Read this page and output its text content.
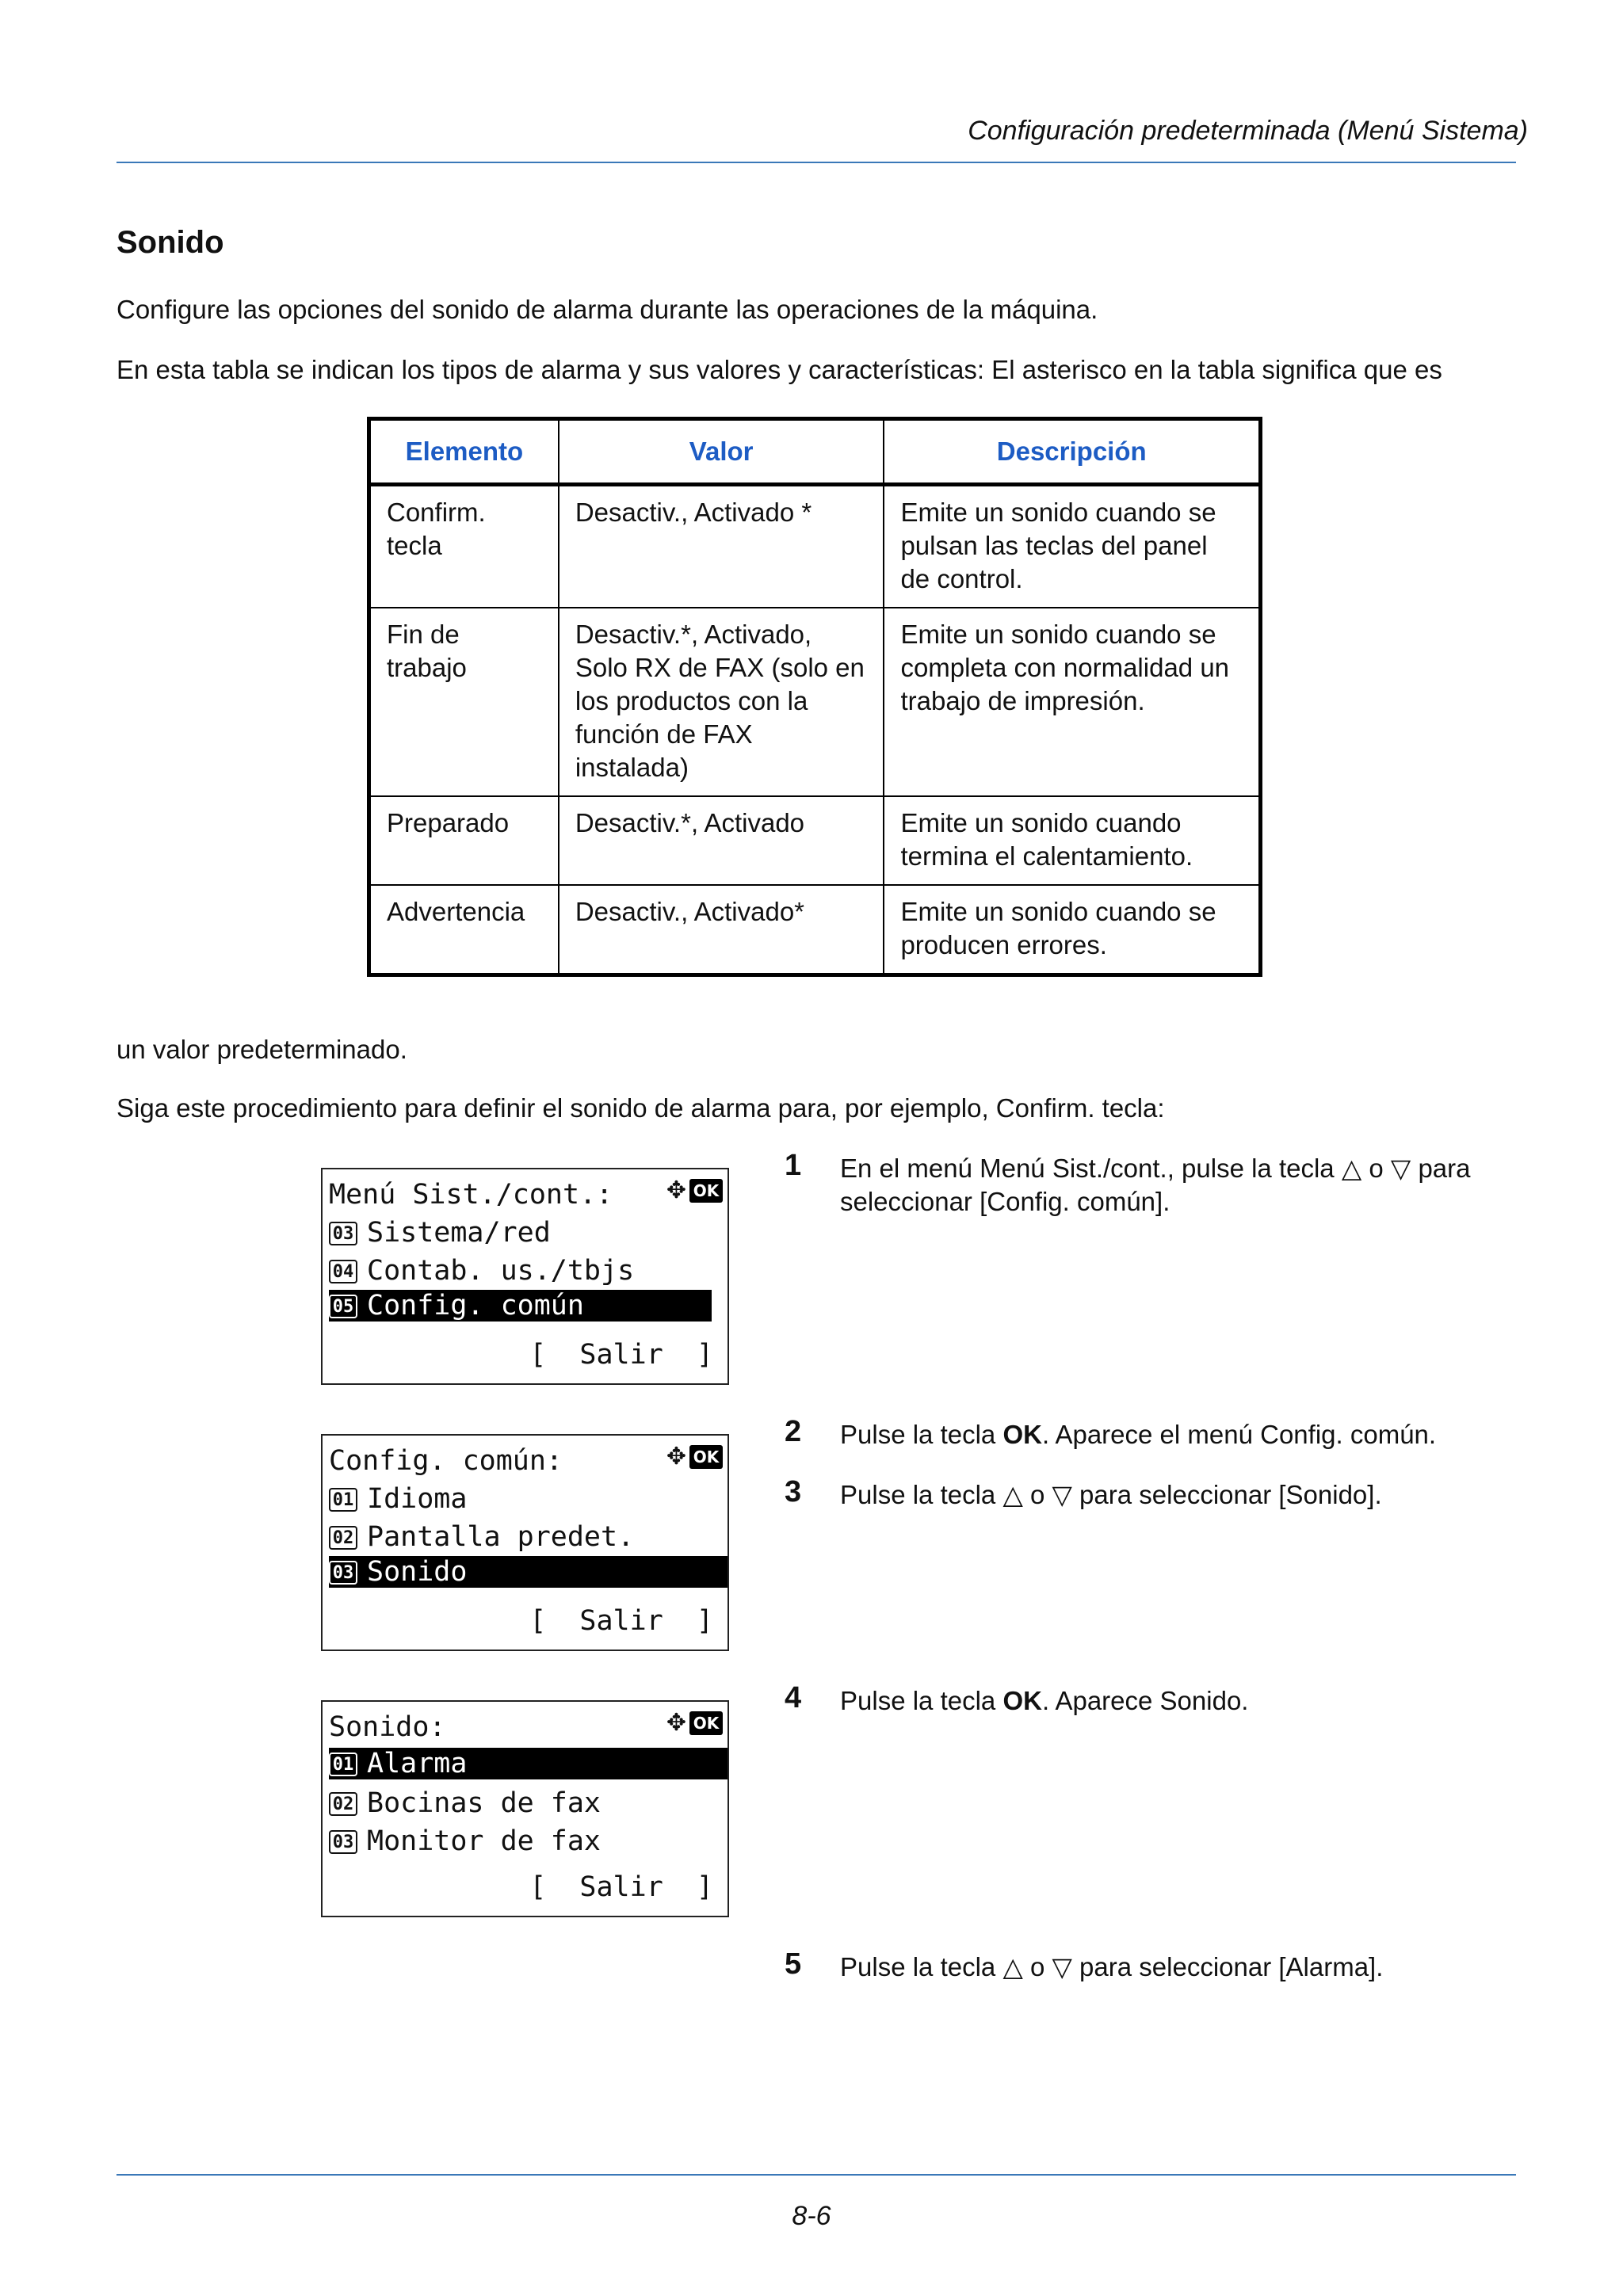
Configuración predeterminada (Menú Sistema)
Sonido
Configure las opciones del sonido de alarma durante las operaciones de la máquina.
En esta tabla se indican los tipos de alarma y sus valores y características: El asterisco en la tabla significa que es
Elemento	Valor	Descripción
Confirm. tecla	Desactiv., Activado *	Emite un sonido cuando se pulsan las teclas del panel de control.
Fin de trabajo	Desactiv.*, Activado, Solo RX de FAX (solo en los productos con la función de FAX instalada)	Emite un sonido cuando se completa con normalidad un trabajo de impresión.
Preparado	Desactiv.*, Activado	Emite un sonido cuando termina el calentamiento.
Advertencia	Desactiv., Activado*	Emite un sonido cuando se producen errores.
un valor predeterminado.
Siga este procedimiento para definir el sonido de alarma para, por ejemplo, Confirm. tecla:
Menú Sist./cont.:	✥ OK
03 Sistema/red
04 Contab. us./tbjs
05 Config. común
[  Salir  ]
Config. común:	✥ OK
01 Idioma
02 Pantalla predet.
03 Sonido
[  Salir  ]
Sonido:	✥ OK
01 Alarma
02 Bocinas de fax
03 Monitor de fax
[  Salir  ]
1 En el menú Menú Sist./cont., pulse la tecla △ o ▽ para seleccionar [Config. común].
2 Pulse la tecla OK. Aparece el menú Config. común.
3 Pulse la tecla △ o ▽ para seleccionar [Sonido].
4 Pulse la tecla OK. Aparece Sonido.
5 Pulse la tecla △ o ▽ para seleccionar [Alarma].
8-6
